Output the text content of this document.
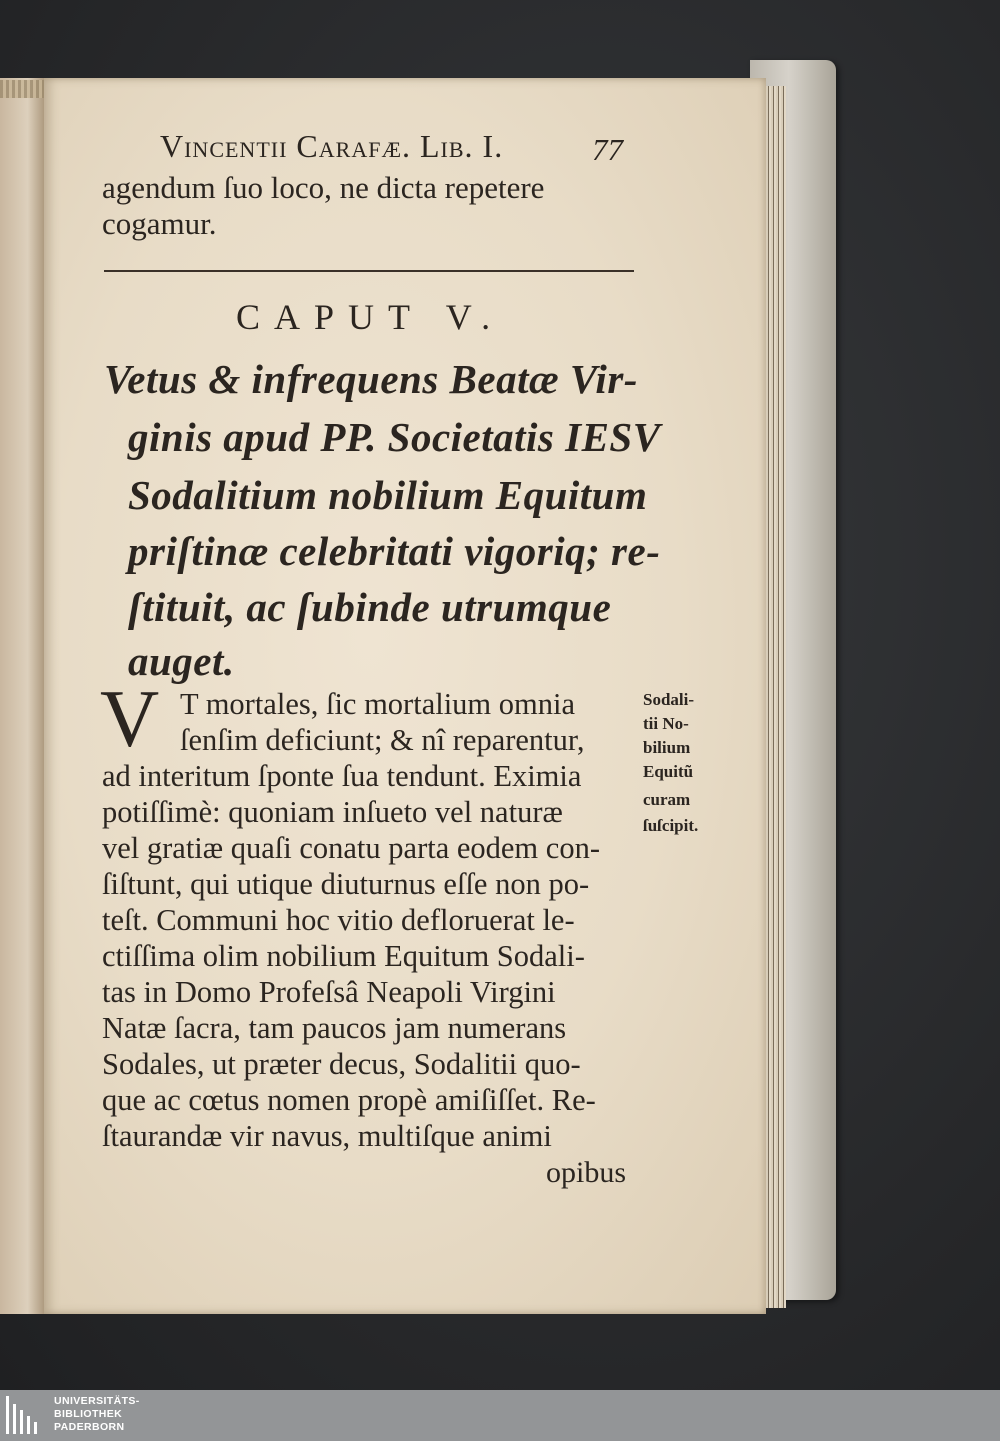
Vincentii Carafæ. Lib. I.	77
agendum ſuo loco, ne dicta repetere
cogamur.
CAPUT V.
Vetus & infrequens Beatæ Vir-
ginis apud PP. Societatis IESV
Sodalitium nobilium Equitum
priſtinæ celebritati vigoriq; re-
ſtituit, ac ſubinde utrumque
auget.
V T mortales, ſic mortalium omnia
ſenſim deficiunt; & nî reparentur,
ad interitum ſponte ſua tendunt. Eximia
potiſſimè: quoniam inſueto vel naturæ
vel gratiæ quaſi conatu parta eodem con-
ſiſtunt, qui utique diuturnus eſſe non po-
teſt. Communi hoc vitio defloruerat le-
ctiſſima olim nobilium Equitum Sodali-
tas in Domo Profeſsâ Neapoli Virgini
Natæ ſacra, tam paucos jam numerans
Sodales, ut præter decus, Sodalitii quo-
que ac cœtus nomen propè amiſiſſet. Re-
ſtaurandæ vir navus, multiſque animi
opibus
Sodali-
tii No-
bilium
Equitũ
curam
ſuſcipit.
UNIVERSITÄTS-
BIBLIOTHEK
PADERBORN
